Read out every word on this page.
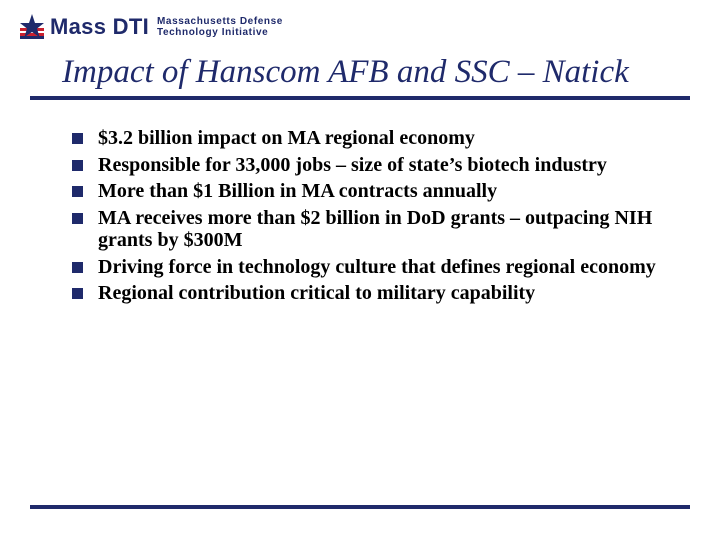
Mass DTI Massachusetts Defense
Technology Initiative
Impact of Hanscom AFB and SSC – Natick
$3.2 billion impact on MA regional economy
Responsible for 33,000 jobs – size of state’s biotech industry
More than $1 Billion in MA contracts annually
MA receives more than $2 billion in DoD grants – outpacing NIH grants by $300M
Driving force in technology culture that defines regional economy
Regional contribution critical to military capability
